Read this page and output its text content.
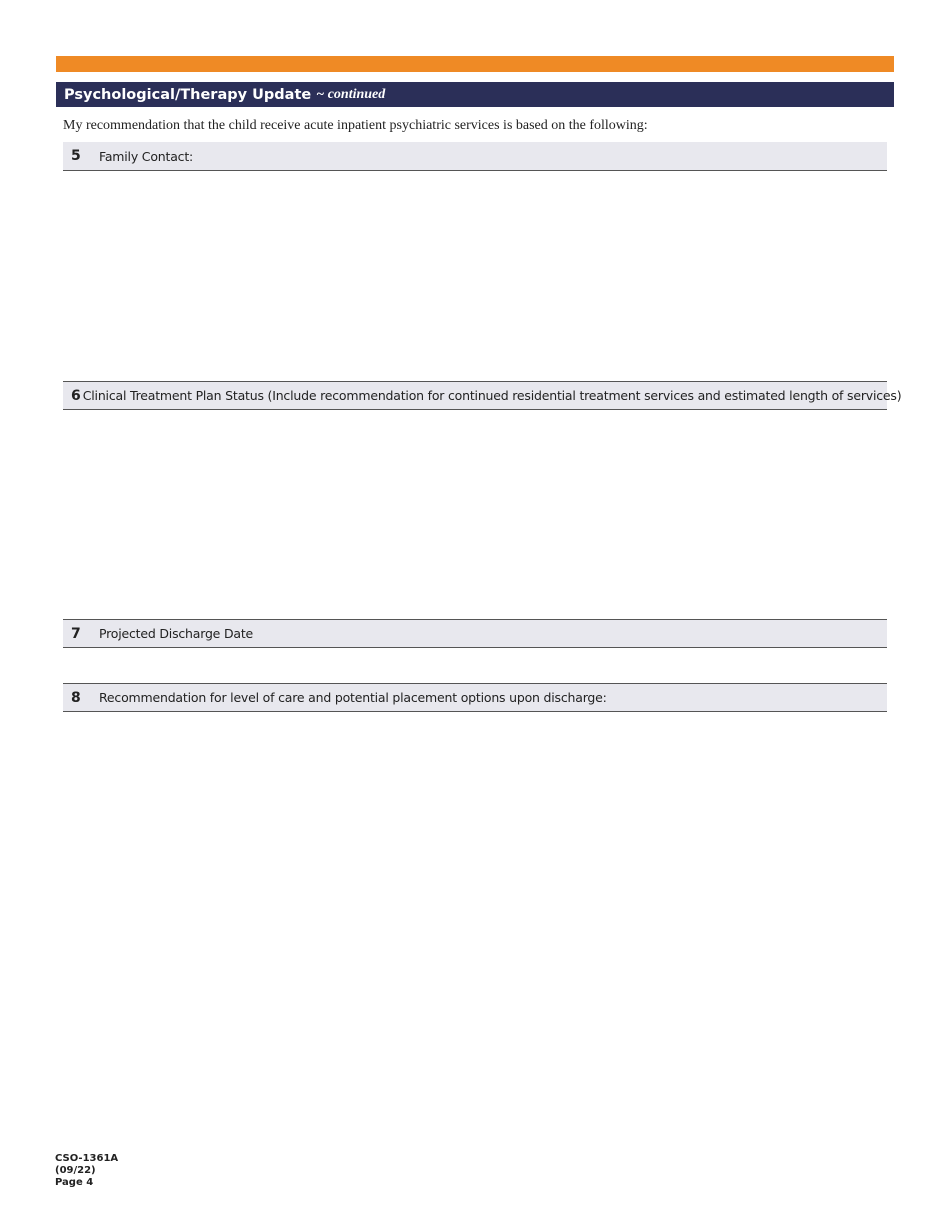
Psychological/Therapy Update ~ continued
My recommendation that the child receive acute inpatient psychiatric services is based on the following:
5	Family Contact:
6 Clinical Treatment Plan Status (Include recommendation for continued residential treatment services and estimated length of services)
7	Projected Discharge Date
8	Recommendation for level of care and potential placement options upon discharge:
CSO-1361A
(09/22)
Page 4
